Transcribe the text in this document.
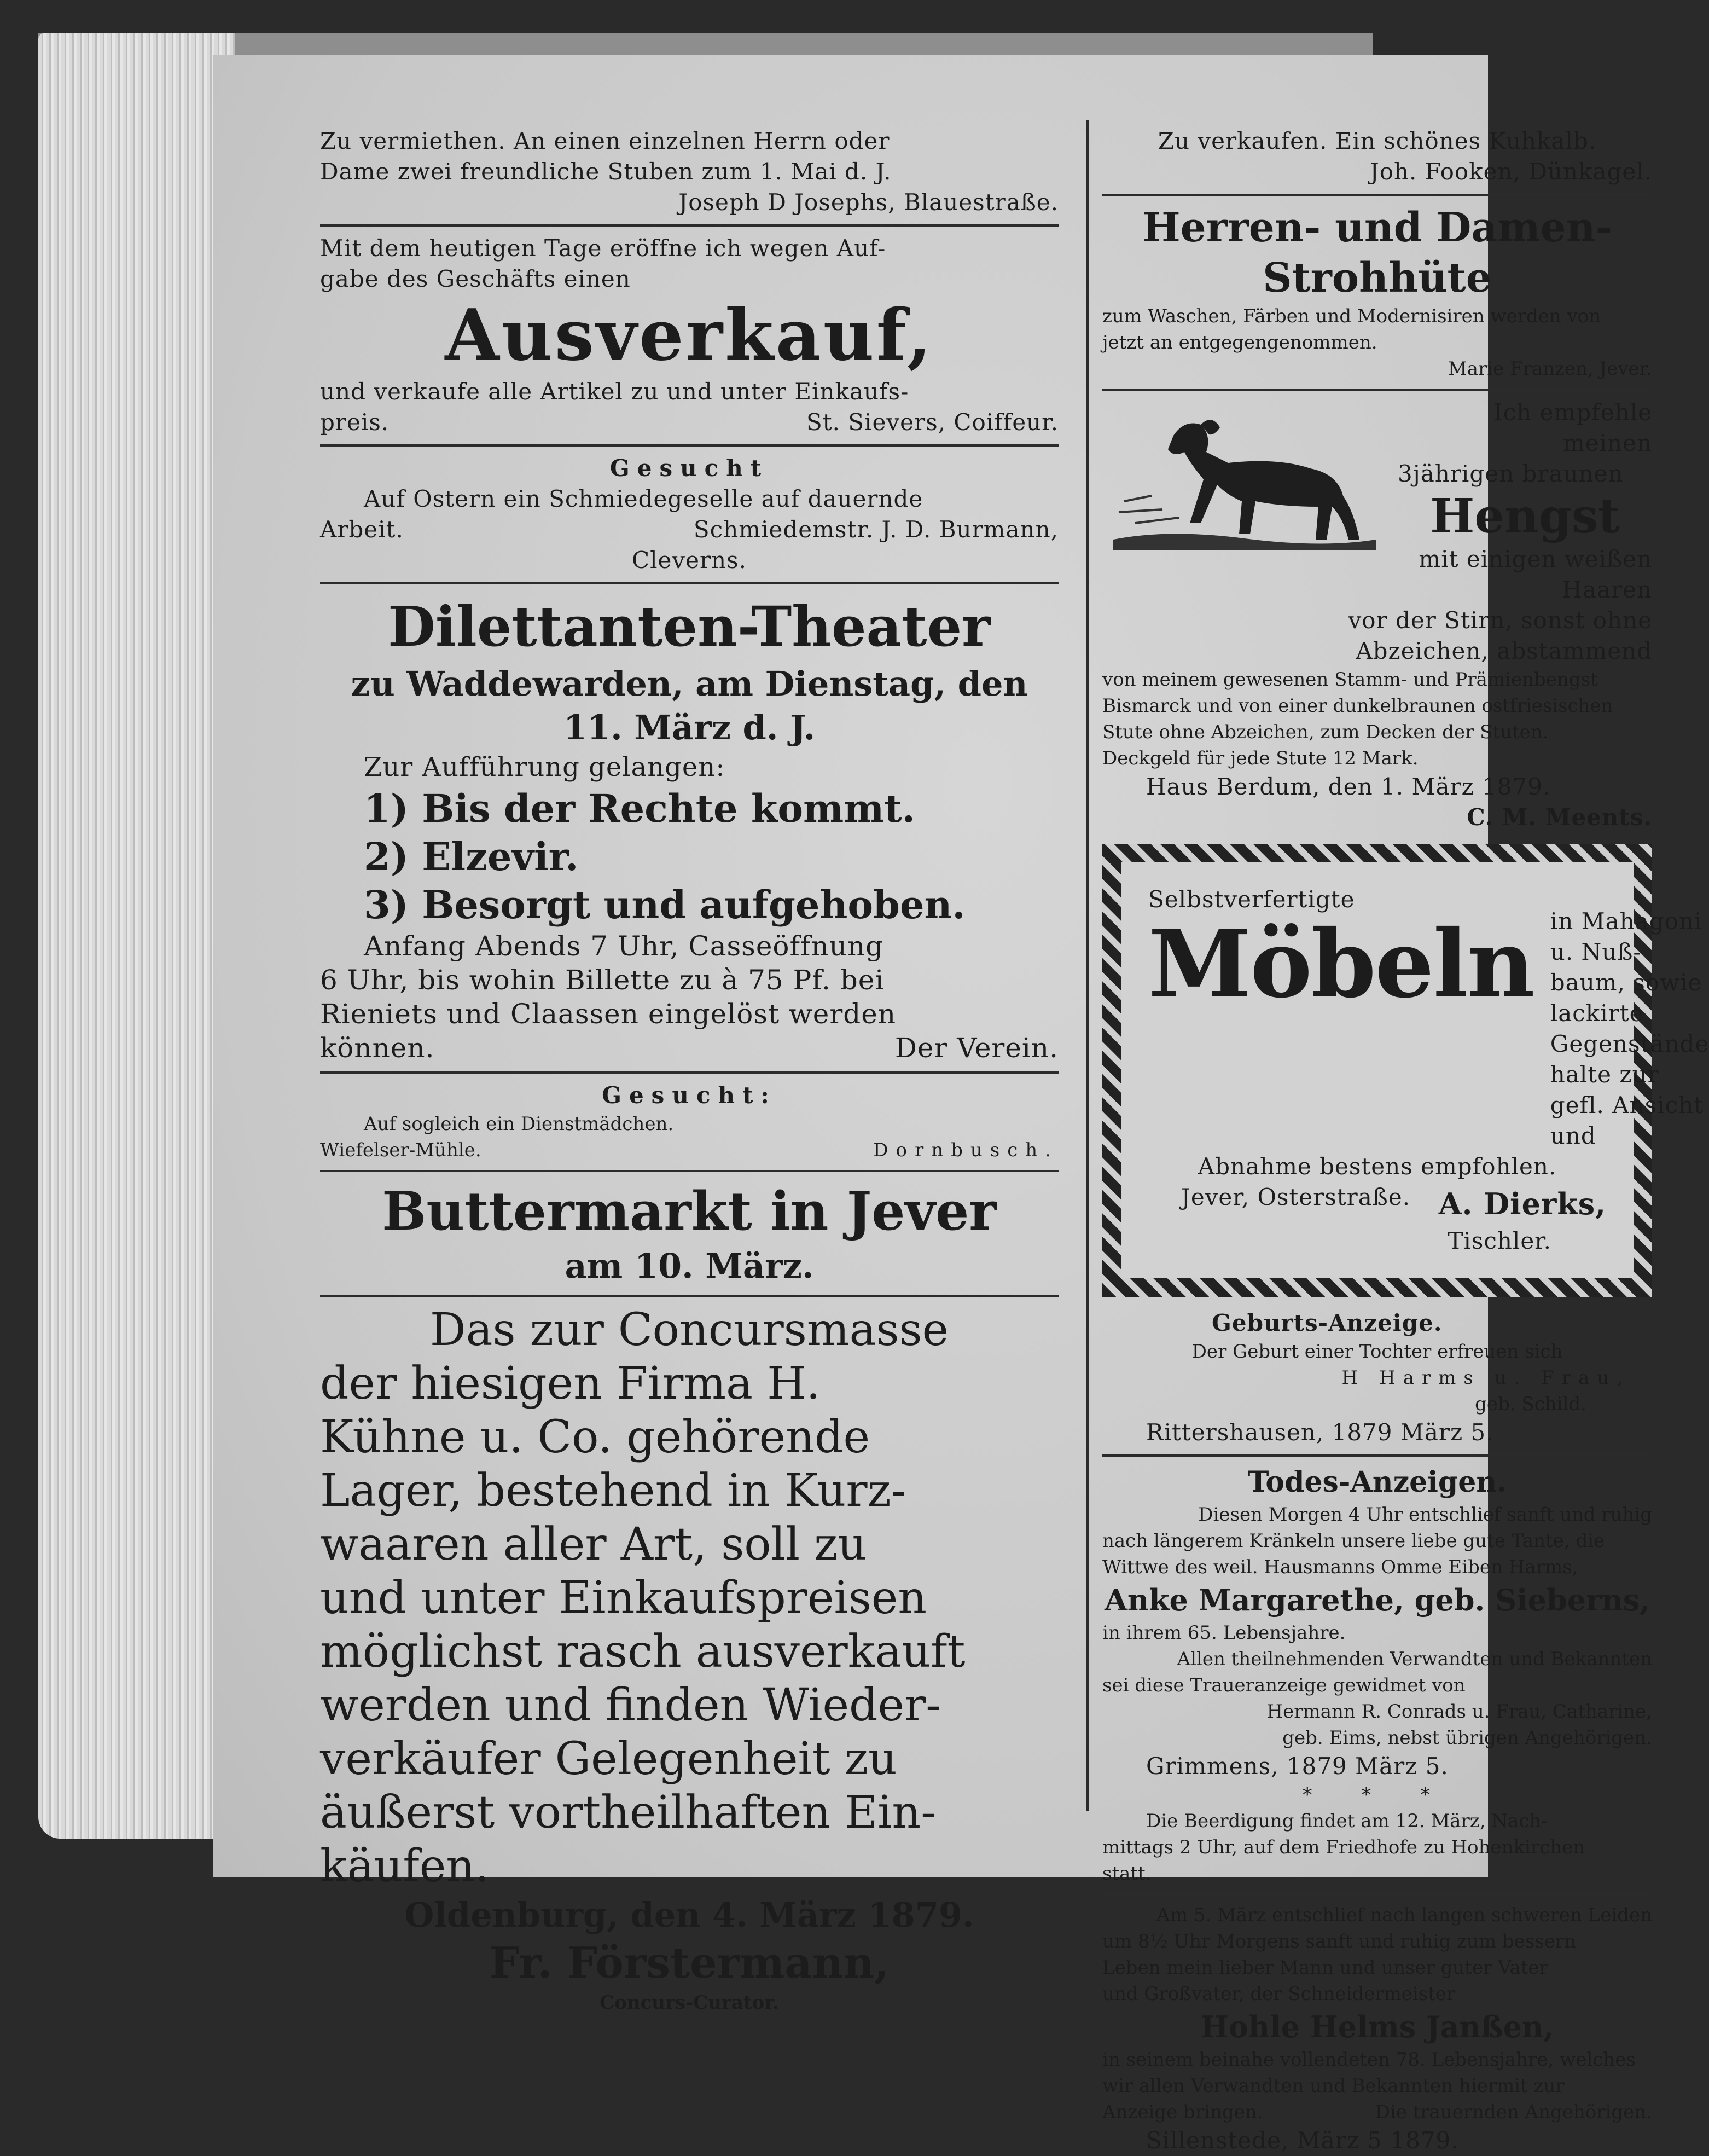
Zu vermiethen. An einen einzelnen Herrn oder
Dame zwei freundliche Stuben zum 1. Mai d. J.
Joseph D Josephs, Blauestraße.
Mit dem heutigen Tage eröffne ich wegen Auf-
gabe des Geschäfts einen
Ausverkauf,
und verkaufe alle Artikel zu und unter Einkaufs-
preis.	St. Sievers, Coiffeur.
Gesucht
Auf Ostern ein Schmiedegeselle auf dauernde
Arbeit.	Schmiedemstr. J. D. Burmann,
Cleverns.
Dilettanten-Theater
zu Waddewarden, am Dienstag, den
11. März d. J.
Zur Aufführung gelangen:
1) Bis der Rechte kommt.
2) Elzevir.
3) Besorgt und aufgehoben.
Anfang Abends 7 Uhr, Casseöffnung
6 Uhr, bis wohin Billette zu à 75 Pf. bei
Rieniets und Claassen eingelöst werden
können.	Der Verein.
Gesucht:
Auf sogleich ein Dienstmädchen.
Wiefelser-Mühle.	Dornbusch.
Buttermarkt in Jever
am 10. März.
Das zur Concursmasse
der hiesigen Firma H.
Kühne u. Co. gehörende
Lager, bestehend in Kurz-
waaren aller Art, soll zu
und unter Einkaufspreisen
möglichst rasch ausverkauft
werden und finden Wieder-
verkäufer Gelegenheit zu
äußerst vortheilhaften Ein-
käufen.
Oldenburg, den 4. März 1879.
Fr. Förstermann,
Concurs-Curator.
Zu verkaufen. Ein schönes Kuhkalb.
Joh. Fooken, Dünkagel.
Herren- und Damen-
Strohhüte
zum Waschen, Färben und Modernisiren werden von
jetzt an entgegengenommen.
Marie Franzen, Jever.
Ich empfehle meinen
3jährigen braunen
Hengst
mit einigen weißen Haaren
vor der Stirn, sonst ohne
Abzeichen, abstammend
von meinem gewesenen Stamm- und Prämienbengst
Bismarck und von einer dunkelbraunen ostfriesischen
Stute ohne Abzeichen, zum Decken der Stuten.
Deckgeld für jede Stute 12 Mark.
Haus Berdum, den 1. März 1879.
C. M. Meents.
Selbstverfertigte
Möbeln in Mahagoni u. Nuß-
baum, sowie lackirte
Gegenstände halte zur
gefl. Ansicht und
Abnahme bestens empfohlen.
Jever, Osterstraße. A. Dierks,
Tischler.
Geburts-Anzeige.
Der Geburt einer Tochter erfreuen sich
H Harms u. Frau,
geb. Schild.
Rittershausen, 1879 März 5.
Todes-Anzeigen.
Diesen Morgen 4 Uhr entschlief sanft und ruhig
nach längerem Kränkeln unsere liebe gute Tante, die
Wittwe des weil. Hausmanns Omme Eiben Harms,
Anke Margarethe, geb. Sieberns,
in ihrem 65. Lebensjahre.
Allen theilnehmenden Verwandten und Bekannten
sei diese Traueranzeige gewidmet von
Hermann R. Conrads u. Frau, Catharine,
geb. Eims, nebst übrigen Angehörigen.
Grimmens, 1879 März 5.
* * *
Die Beerdigung findet am 12. März, Nach-
mittags 2 Uhr, auf dem Friedhofe zu Hohenkirchen
statt.
Am 5. März entschlief nach langen schweren Leiden
um 8½ Uhr Morgens sanft und ruhig zum bessern
Leben mein lieber Mann und unser guter Vater
und Großvater, der Schneidermeister
Hohle Helms Janßen,
in seinem beinahe vollendeten 78. Lebensjahre, welches
wir allen Verwandten und Bekannten hiermit zur
Anzeige bringen.	Die trauernden Angehörigen.
Sillenstede, März 5 1879.
